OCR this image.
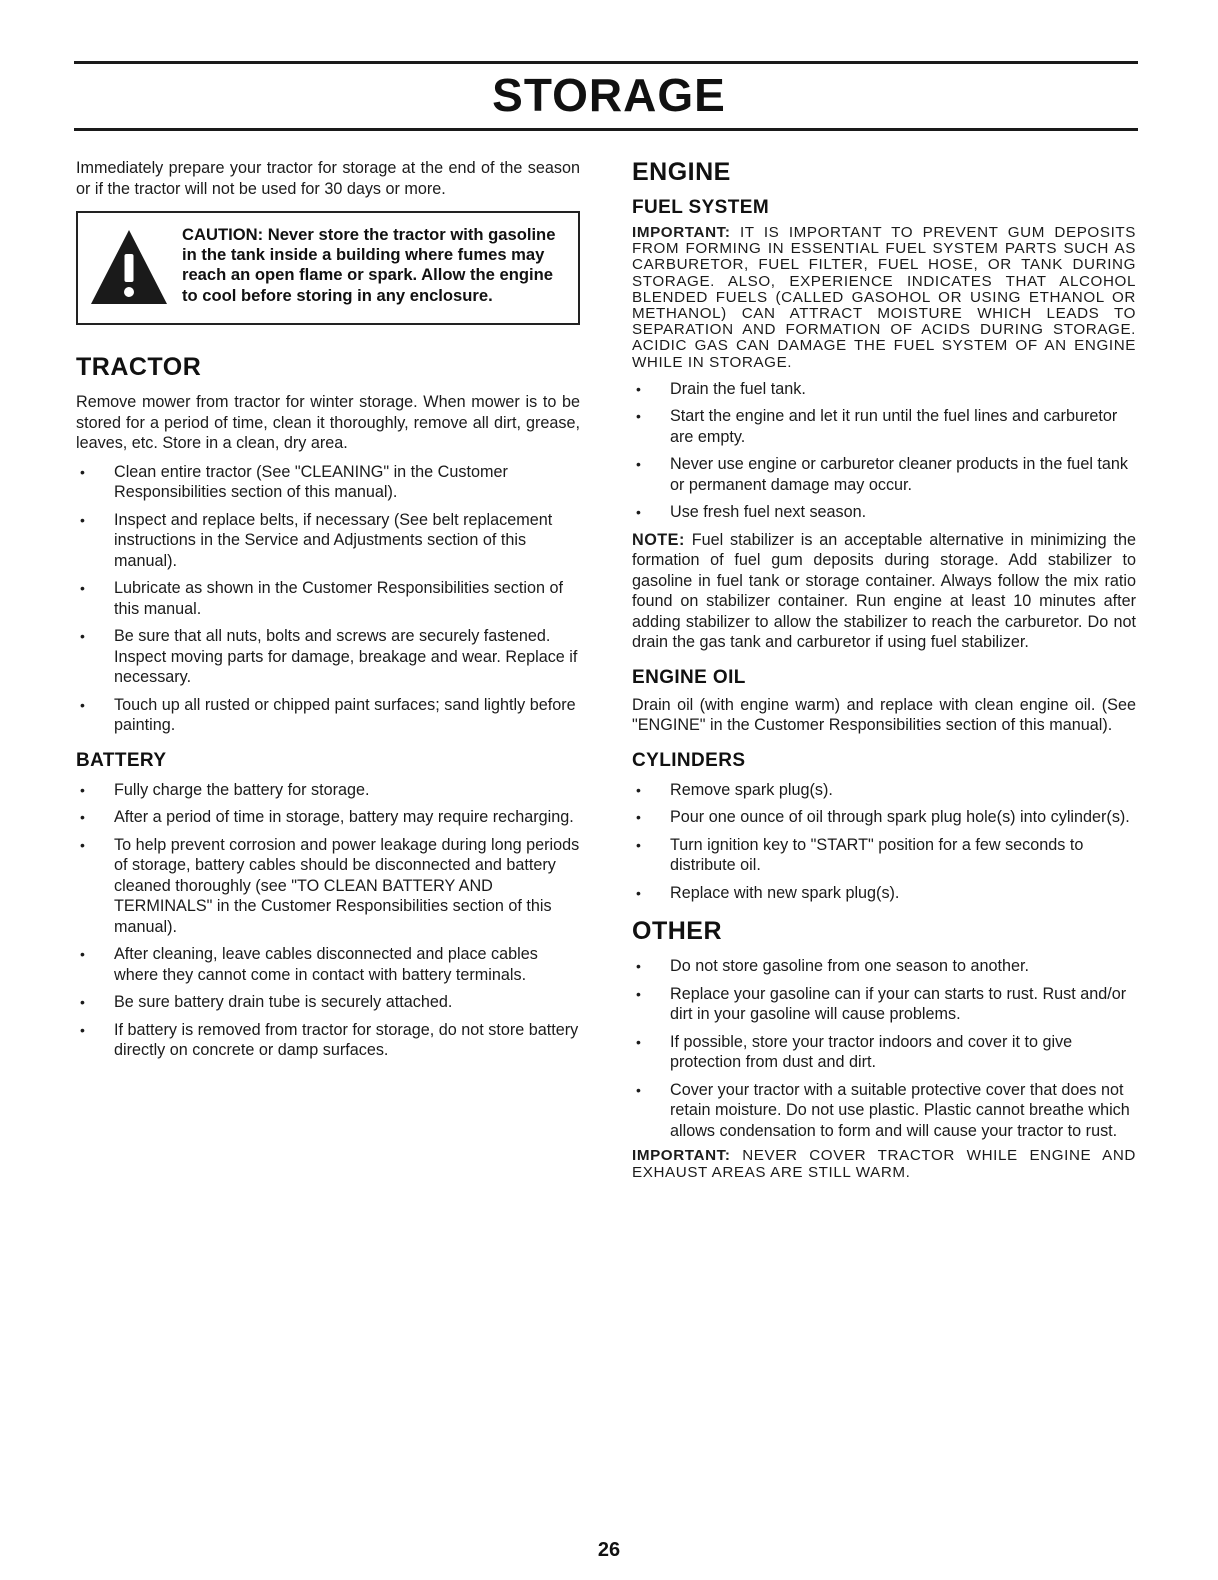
STORAGE

Immediately prepare your tractor for storage at the end of the season or if the tractor will not be used for 30 days or more.

CAUTION: Never store the tractor with gasoline in the tank inside a building where fumes may reach an open flame or spark. Allow the engine to cool before storing in any enclosure.
TRACTOR

Remove mower from tractor for winter storage. When mower is to be stored for a period of time, clean it thoroughly, remove all dirt, grease, leaves, etc. Store in a clean, dry area.

• Clean entire tractor (See "CLEANING" in the Customer Responsibilities section of this manual).
• Inspect and replace belts, if necessary (See belt replacement instructions in the Service and Adjustments section of this manual).
• Lubricate as shown in the Customer Responsibilities section of this manual.
• Be sure that all nuts, bolts and screws are securely fastened. Inspect moving parts for damage, breakage and wear. Replace if necessary.
• Touch up all rusted or chipped paint surfaces; sand lightly before painting.
BATTERY
• Fully charge the battery for storage.
• After a period of time in storage, battery may require recharging.
• To help prevent corrosion and power leakage during long periods of storage, battery cables should be disconnected and battery cleaned thoroughly (see "TO CLEAN BATTERY AND TERMINALS" in the Customer Responsibilities section of this manual).
• After cleaning, leave cables disconnected and place cables where they cannot come in contact with battery terminals.
• Be sure battery drain tube is securely attached.
• If battery is removed from tractor for storage, do not store battery directly on concrete or damp surfaces.
ENGINE
FUEL SYSTEM

IMPORTANT: IT IS IMPORTANT TO PREVENT GUM DEPOSITS FROM FORMING IN ESSENTIAL FUEL SYSTEM PARTS SUCH AS CARBURETOR, FUEL FILTER, FUEL HOSE, OR TANK DURING STORAGE. ALSO, EXPERIENCE INDICATES THAT ALCOHOL BLENDED FUELS (CALLED GASOHOL OR USING ETHANOL OR METHANOL) CAN ATTRACT MOISTURE WHICH LEADS TO SEPARATION AND FORMATION OF ACIDS DURING STORAGE. ACIDIC GAS CAN DAMAGE THE FUEL SYSTEM OF AN ENGINE WHILE IN STORAGE.

• Drain the fuel tank.
• Start the engine and let it run until the fuel lines and carburetor are empty.
• Never use engine or carburetor cleaner products in the fuel tank or permanent damage may occur.
• Use fresh fuel next season.

NOTE: Fuel stabilizer is an acceptable alternative in minimizing the formation of fuel gum deposits during storage. Add stabilizer to gasoline in fuel tank or storage container. Always follow the mix ratio found on stabilizer container. Run engine at least 10 minutes after adding stabilizer to allow the stabilizer to reach the carburetor. Do not drain the gas tank and carburetor if using fuel stabilizer.

ENGINE OIL

Drain oil (with engine warm) and replace with clean engine oil. (See "ENGINE" in the Customer Responsibilities section of this manual).

CYLINDERS
• Remove spark plug(s).
• Pour one ounce of oil through spark plug hole(s) into cylinder(s).
• Turn ignition key to "START" position for a few seconds to distribute oil.
• Replace with new spark plug(s).
OTHER
• Do not store gasoline from one season to another.
• Replace your gasoline can if your can starts to rust. Rust and/or dirt in your gasoline will cause problems.
• If possible, store your tractor indoors and cover it to give protection from dust and dirt.
• Cover your tractor with a suitable protective cover that does not retain moisture. Do not use plastic. Plastic cannot breathe which allows condensation to form and will cause your tractor to rust.

IMPORTANT: NEVER COVER TRACTOR WHILE ENGINE AND EXHAUST AREAS ARE STILL WARM.

26
